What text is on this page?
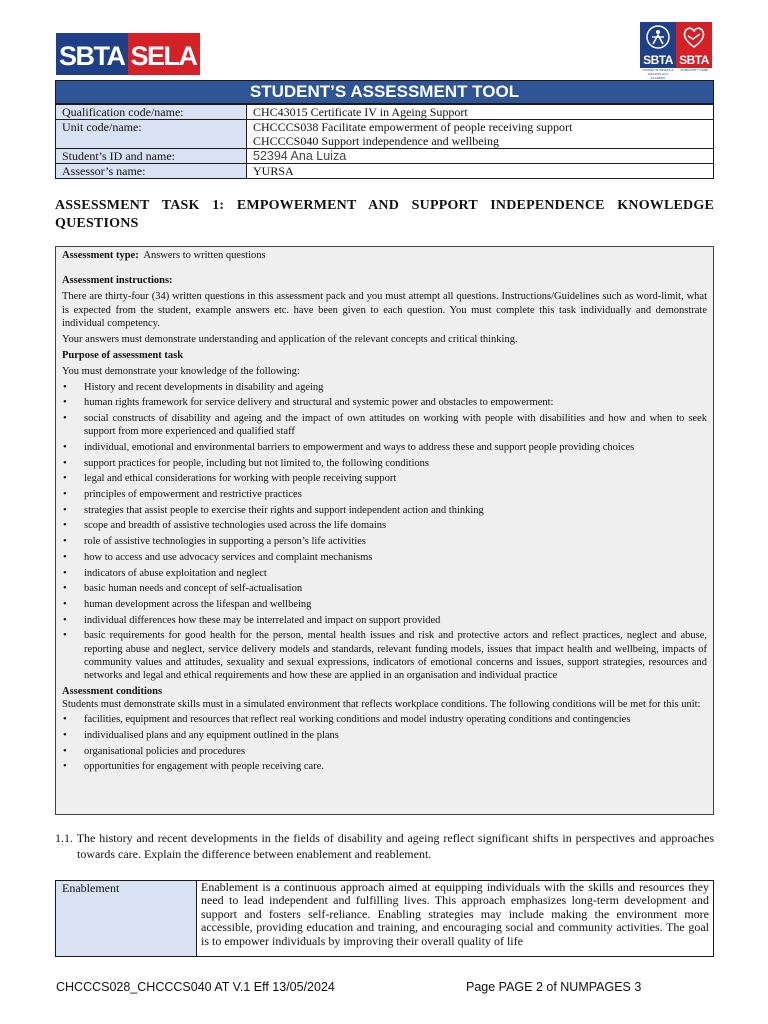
SBTA SELA	SBTA SBTA
SYDNEY BUSINESS & TECHNOLOGY ACADEMY
COMMUNITY CARE
STUDENT’S ASSESSMENT TOOL
Qualification code/name:	CHC43015 Certificate IV in Ageing Support
Unit code/name:	CHCCCS038 Facilitate empowerment of people receiving support
CHCCCS040 Support independence and wellbeing

Student’s ID and name:	52394 Ana Luiza
Assessor’s name:	YURSA
ASSESSMENT TASK 1: EMPOWERMENT AND SUPPORT INDEPENDENCE KNOWLEDGE QUESTIONS

Assessment type: Answers to written questions

Assessment instructions:

There are thirty-four (34) written questions in this assessment pack and you must attempt all questions. Instructions/Guidelines such as word-limit, what is expected from the student, example answers etc. have been given to each question. You must complete this task individually and demonstrate individual competency.

Your answers must demonstrate understanding and application of the relevant concepts and critical thinking.

Purpose of assessment task

You must demonstrate your knowledge of the following:

• History and recent developments in disability and ageing
• human rights framework for service delivery and structural and systemic power and obstacles to empowerment:
• social constructs of disability and ageing and the impact of own attitudes on working with people with disabilities and how and when to seek support from more experienced and qualified staff
• individual, emotional and environmental barriers to empowerment and ways to address these and support people providing choices
• support practices for people, including but not limited to, the following conditions
• legal and ethical considerations for working with people receiving support
• principles of empowerment and restrictive practices
• strategies that assist people to exercise their rights and support independent action and thinking
• scope and breadth of assistive technologies used across the life domains
• role of assistive technologies in supporting a person’s life activities
• how to access and use advocacy services and complaint mechanisms
• indicators of abuse exploitation and neglect
• basic human needs and concept of self-actualisation
• human development across the lifespan and wellbeing
• individual differences how these may be interrelated and impact on support provided
• basic requirements for good health for the person, mental health issues and risk and protective actors and reflect practices, neglect and abuse, reporting abuse and neglect, service delivery models and standards, relevant funding models, issues that impact health and wellbeing, impacts of community values and attitudes, sexuality and sexual expressions, indicators of emotional concerns and issues, support strategies, resources and networks and legal and ethical requirements and how these are applied in an organisation and individual practice

Assessment conditions

Students must demonstrate skills must in a simulated environment that reflects workplace conditions. The following conditions will be met for this unit:

• facilities, equipment and resources that reflect real working conditions and model industry operating conditions and contingencies
• individualised plans and any equipment outlined in the plans
• organisational policies and procedures
• opportunities for engagement with people receiving care.
1.1. The history and recent developments in the fields of disability and ageing reflect significant shifts in perspectives and approaches towards care. Explain the difference between enablement and reablement.
Enablement	Enablement is a continuous approach aimed at equipping individuals with the skills and resources they need to lead independent and fulfilling lives. This approach emphasizes long-term development and support and fosters self-reliance. Enabling strategies may include making the environment more accessible, providing education and training, and encouraging social and community activities. The goal is to empower individuals by improving their overall quality of life
CHCCCS028_CHCCCS040 AT V.1 Eff 13/05/2024	Page PAGE 2 of NUMPAGES 3
